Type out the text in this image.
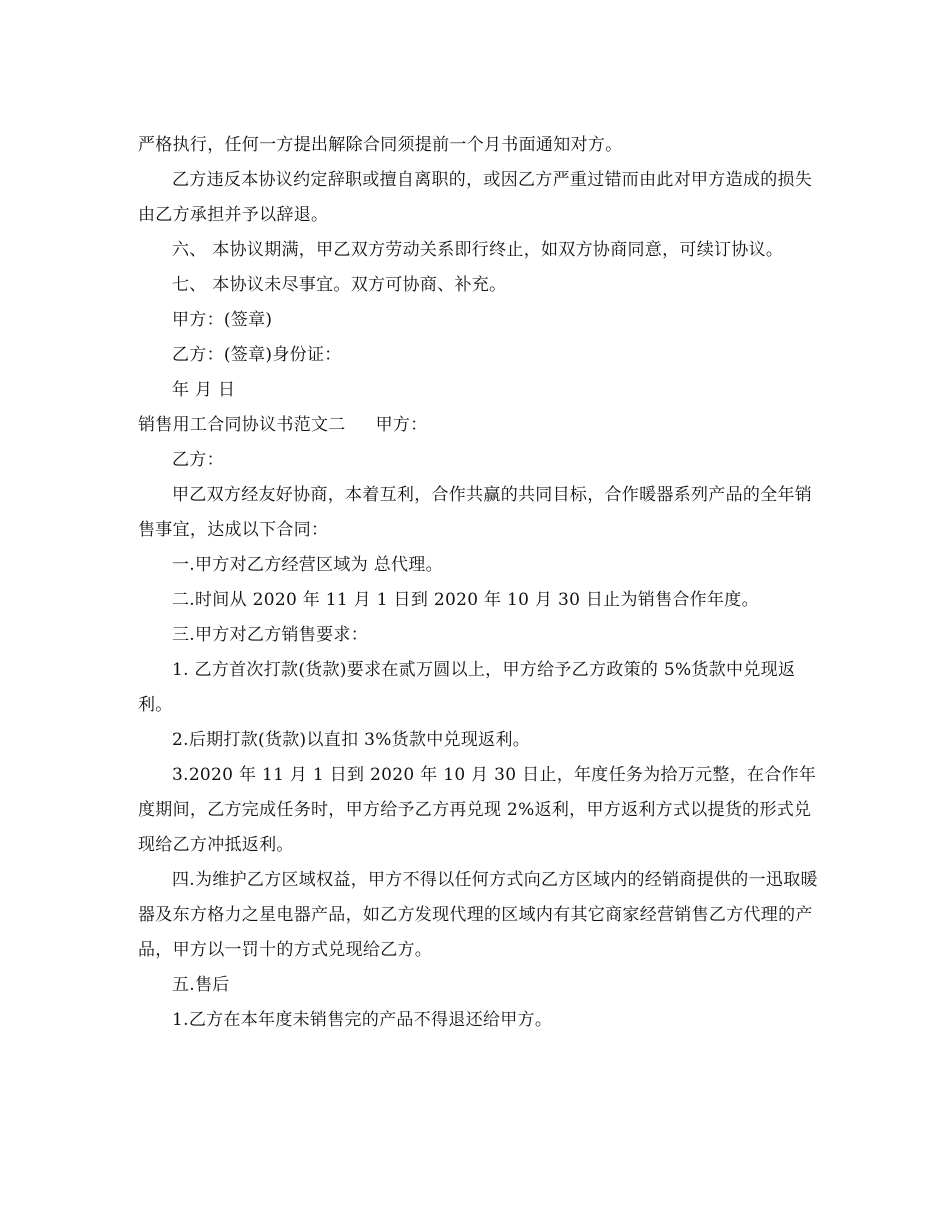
严格执行，任何一方提出解除合同须提前一个月书面通知对方。

乙方违反本协议约定辞职或擅自离职的，或因乙方严重过错而由此对甲方造成的损失由乙方承担并予以辞退。

六、 本协议期满，甲乙双方劳动关系即行终止，如双方协商同意，可续订协议。

七、 本协议未尽事宜。双方可协商、补充。

甲方：(签章)

乙方：(签章)身份证：

年 月 日

销售用工合同协议书范文二 甲方：

乙方：

甲乙双方经友好协商，本着互利，合作共赢的共同目标，合作暖器系列产品的全年销售事宜，达成以下合同：

一.甲方对乙方经营区域为 总代理。

二.时间从 2020 年 11 月 1 日到 2020 年 10 月 30 日止为销售合作年度。

三.甲方对乙方销售要求：

1. 乙方首次打款(货款)要求在贰万圆以上，甲方给予乙方政策的 5%货款中兑现返利。

2.后期打款(货款)以直扣 3%货款中兑现返利。

3.2020 年 11 月 1 日到 2020 年 10 月 30 日止，年度任务为拾万元整，在合作年度期间，乙方完成任务时，甲方给予乙方再兑现 2%返利，甲方返利方式以提货的形式兑现给乙方冲抵返利。

四.为维护乙方区域权益，甲方不得以任何方式向乙方区域内的经销商提供的一迅取暖器及东方格力之星电器产品，如乙方发现代理的区域内有其它商家经营销售乙方代理的产品，甲方以一罚十的方式兑现给乙方。

五.售后

1.乙方在本年度未销售完的产品不得退还给甲方。
